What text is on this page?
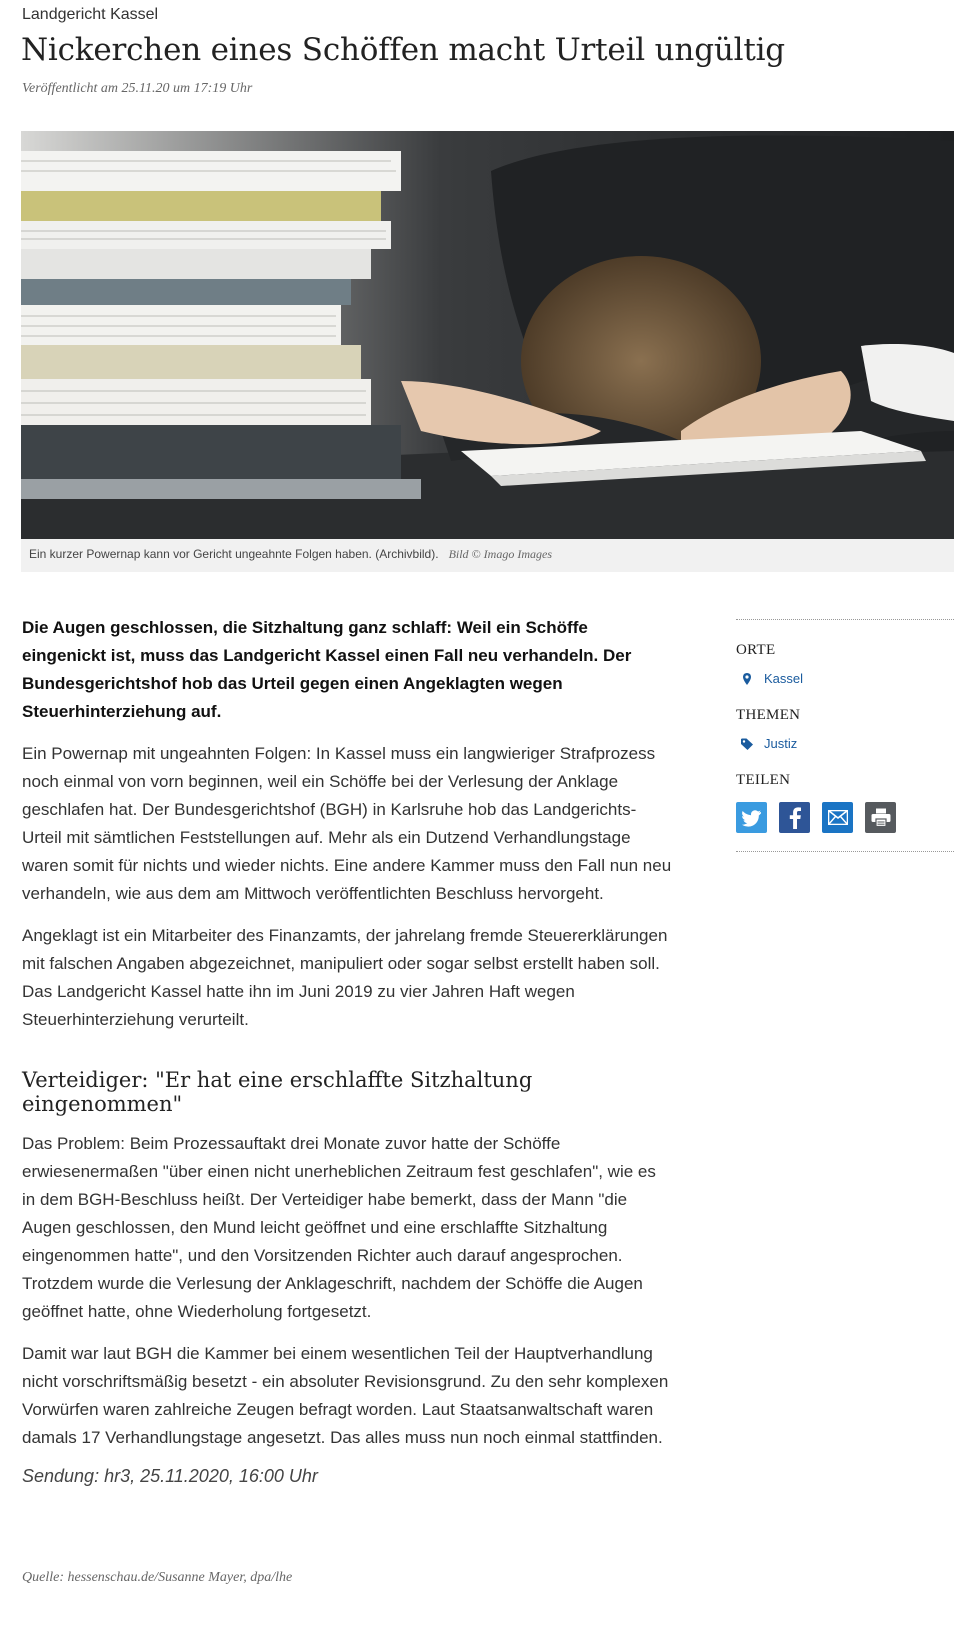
Landgericht Kassel
Nickerchen eines Schöffen macht Urteil ungültig
Veröffentlicht am 25.11.20 um 17:19 Uhr
Ein kurzer Powernap kann vor Gericht ungeahnte Folgen haben. (Archivbild). Bild © Imago Images

Die Augen geschlossen, die Sitzhaltung ganz schlaff: Weil ein Schöffe eingenickt ist, muss das Landgericht Kassel einen Fall neu verhandeln. Der Bundesgerichtshof hob das Urteil gegen einen Angeklagten wegen Steuerhinterziehung auf.

Ein Powernap mit ungeahnten Folgen: In Kassel muss ein langwieriger Strafprozess noch einmal von vorn beginnen, weil ein Schöffe bei der Verlesung der Anklage geschlafen hat. Der Bundesgerichtshof (BGH) in Karlsruhe hob das Landgerichts-Urteil mit sämtlichen Feststellungen auf. Mehr als ein Dutzend Verhandlungstage waren somit für nichts und wieder nichts. Eine andere Kammer muss den Fall nun neu verhandeln, wie aus dem am Mittwoch veröffentlichten Beschluss hervorgeht.

Angeklagt ist ein Mitarbeiter des Finanzamts, der jahrelang fremde Steuererklärungen mit falschen Angaben abgezeichnet, manipuliert oder sogar selbst erstellt haben soll. Das Landgericht Kassel hatte ihn im Juni 2019 zu vier Jahren Haft wegen Steuerhinterziehung verurteilt.

Verteidiger: "Er hat eine erschlaffte Sitzhaltung eingenommen"

Das Problem: Beim Prozessauftakt drei Monate zuvor hatte der Schöffe erwiesenermaßen "über einen nicht unerheblichen Zeitraum fest geschlafen", wie es in dem BGH-Beschluss heißt. Der Verteidiger habe bemerkt, dass der Mann "die Augen geschlossen, den Mund leicht geöffnet und eine erschlaffte Sitzhaltung eingenommen hatte", und den Vorsitzenden Richter auch darauf angesprochen. Trotzdem wurde die Verlesung der Anklageschrift, nachdem der Schöffe die Augen geöffnet hatte, ohne Wiederholung fortgesetzt.

Damit war laut BGH die Kammer bei einem wesentlichen Teil der Hauptverhandlung nicht vorschriftsmäßig besetzt - ein absoluter Revisionsgrund. Zu den sehr komplexen Vorwürfen waren zahlreiche Zeugen befragt worden. Laut Staatsanwaltschaft waren damals 17 Verhandlungstage angesetzt. Das alles muss nun noch einmal stattfinden.

Sendung: hr3, 25.11.2020, 16:00 Uhr

Quelle: hessenschau.de/Susanne Mayer, dpa/lhe
ORTE
Kassel
THEMEN
Justiz
TEILEN
